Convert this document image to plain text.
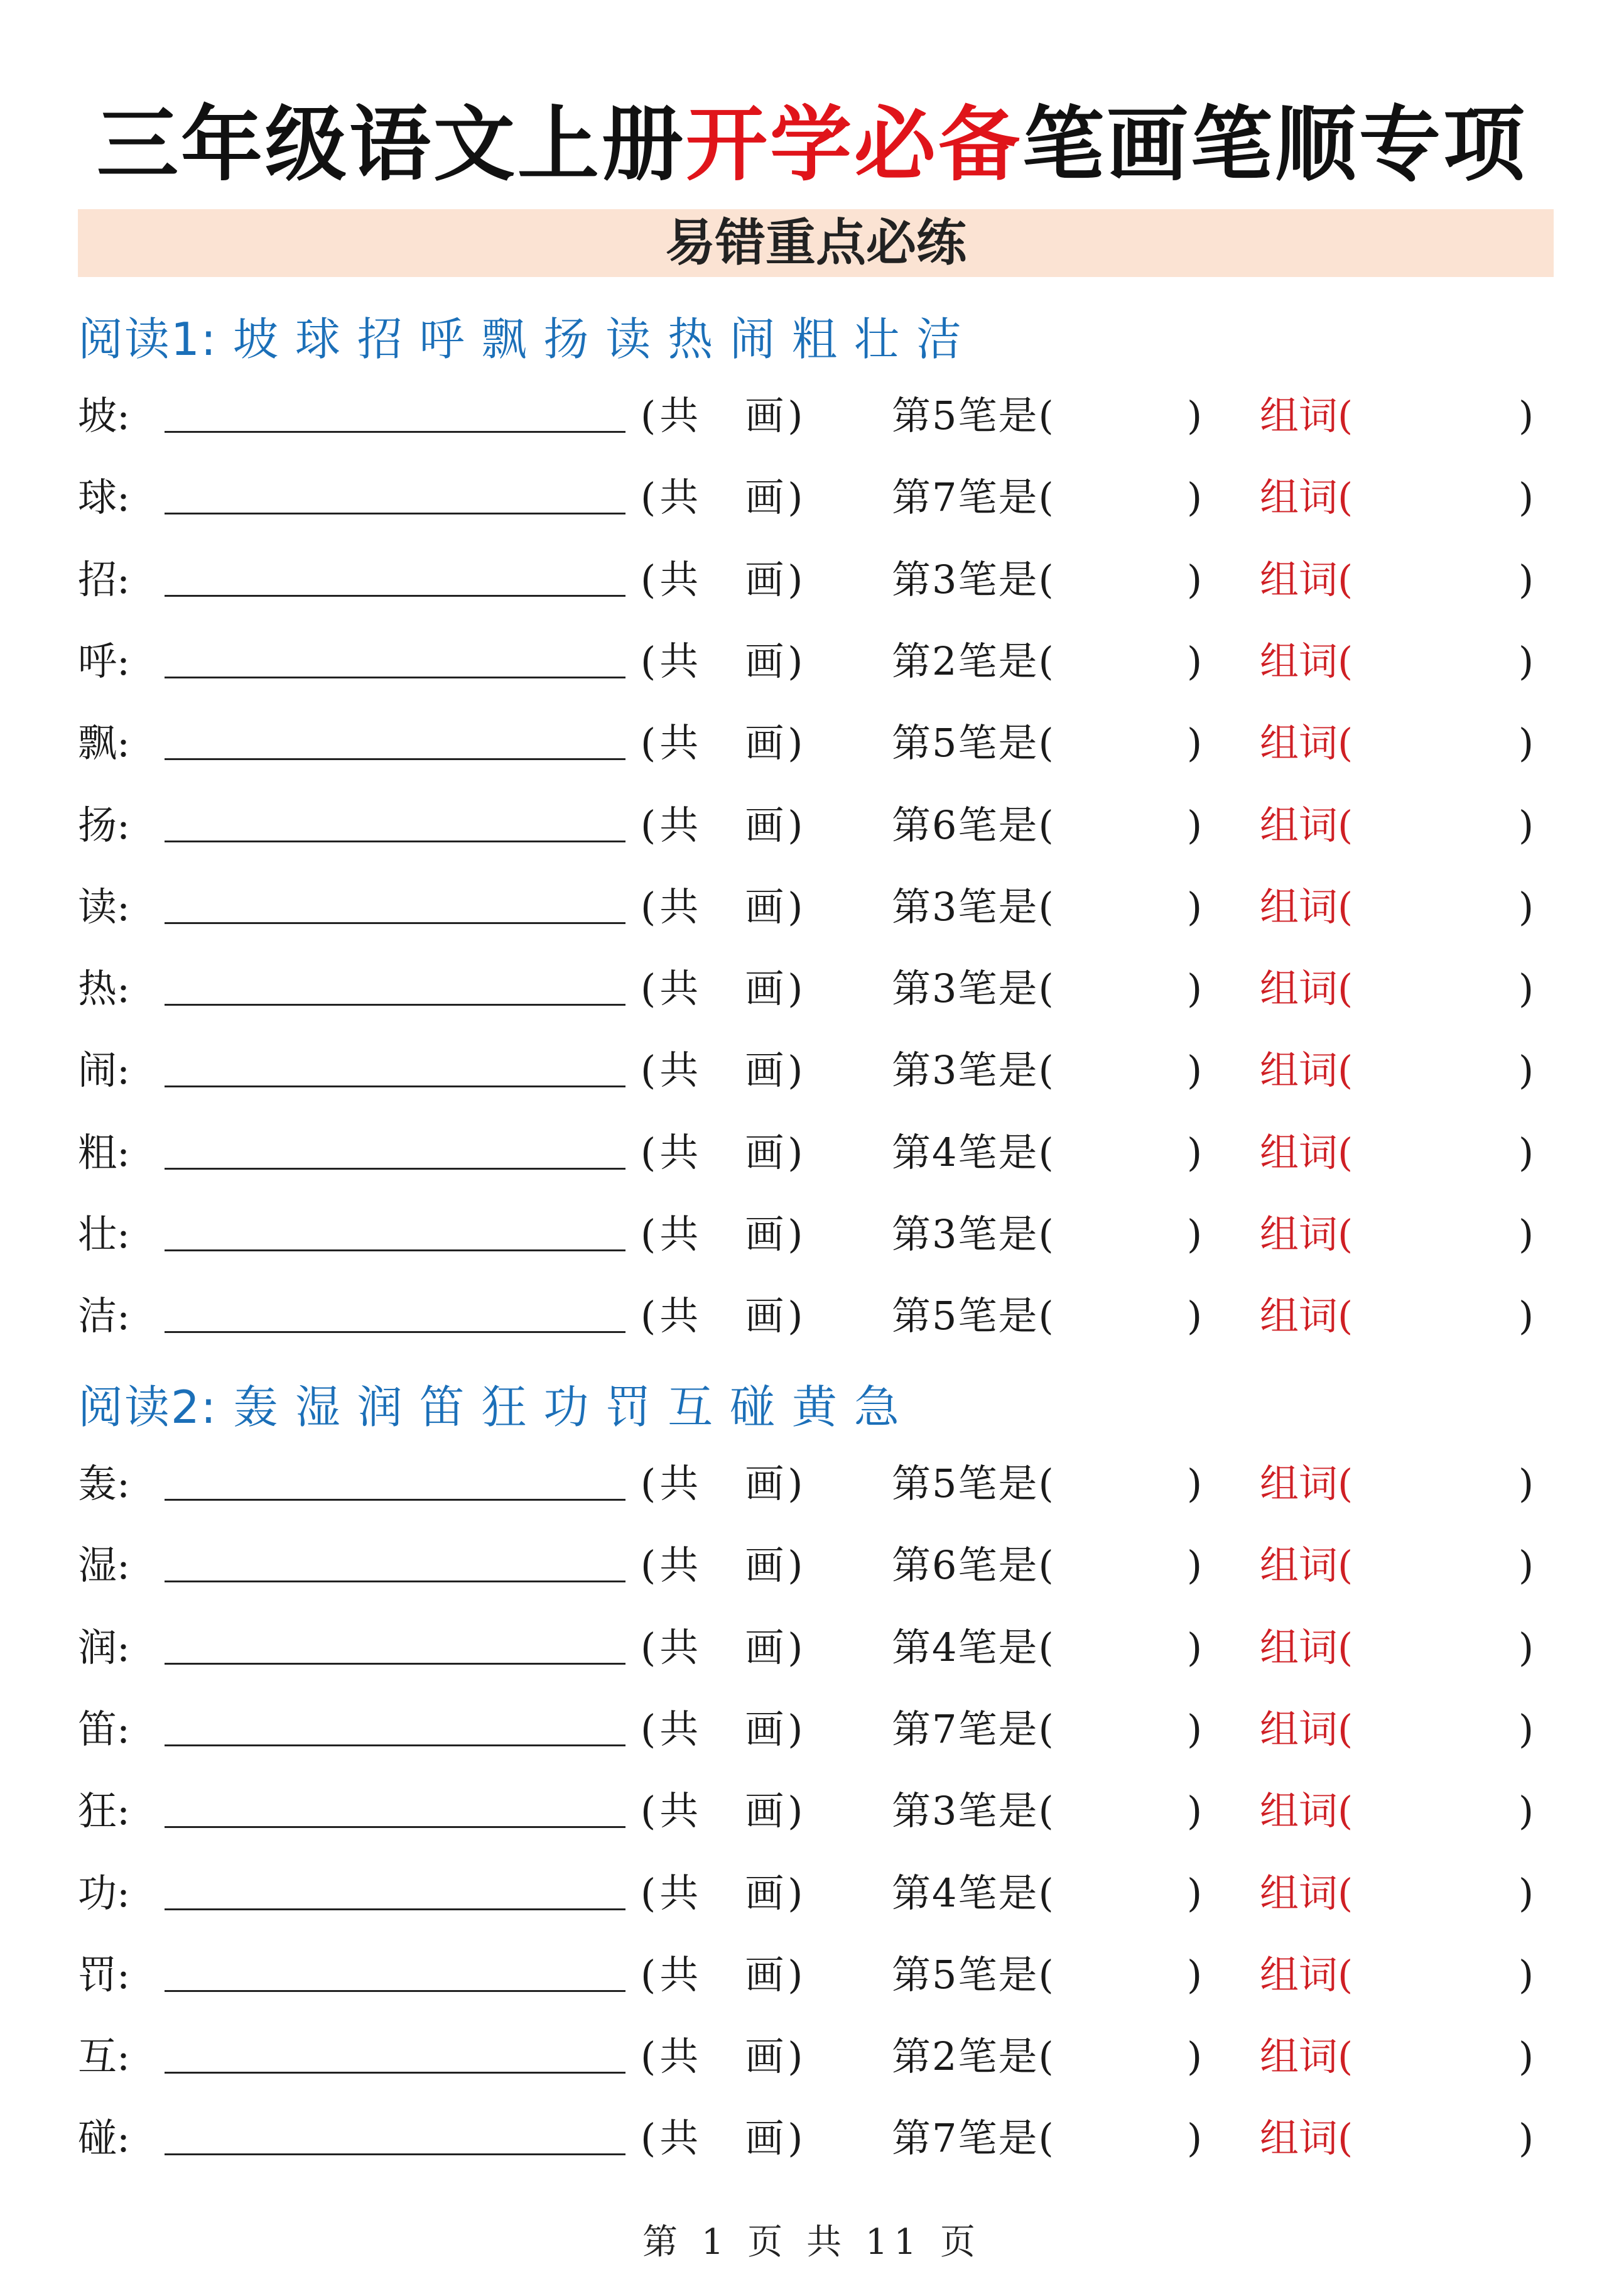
三年级语文上册开学必备笔画笔顺专项
易错重点必练
阅读1: 坡 球 招 呼 飘 扬 读 热 闹 粗 壮 洁
坡:	(共　画) 第5笔是(	) 组词(	)
球:	(共　画) 第7笔是(	) 组词(	)
招:	(共　画) 第3笔是(	) 组词(	)
呼:	(共　画) 第2笔是(	) 组词(	)
飘:	(共　画) 第5笔是(	) 组词(	)
扬:	(共　画) 第6笔是(	) 组词(	)
读:	(共　画) 第3笔是(	) 组词(	)
热:	(共　画) 第3笔是(	) 组词(	)
闹:	(共　画) 第3笔是(	) 组词(	)
粗:	(共　画) 第4笔是(	) 组词(	)
壮:	(共　画) 第3笔是(	) 组词(	)
洁:	(共　画) 第5笔是(	) 组词(	)
阅读2: 轰 湿 润 笛 狂 功 罚 互 碰 黄 急
轰:	(共　画) 第5笔是(	) 组词(	)
湿:	(共　画) 第6笔是(	) 组词(	)
润:	(共　画) 第4笔是(	) 组词(	)
笛:	(共　画) 第7笔是(	) 组词(	)
狂:	(共　画) 第3笔是(	) 组词(	)
功:	(共　画) 第4笔是(	) 组词(	)
罚:	(共　画) 第5笔是(	) 组词(	)
互:	(共　画) 第2笔是(	) 组词(	)
碰:	(共　画) 第7笔是(	) 组词(	)
第 1 页 共 11 页
